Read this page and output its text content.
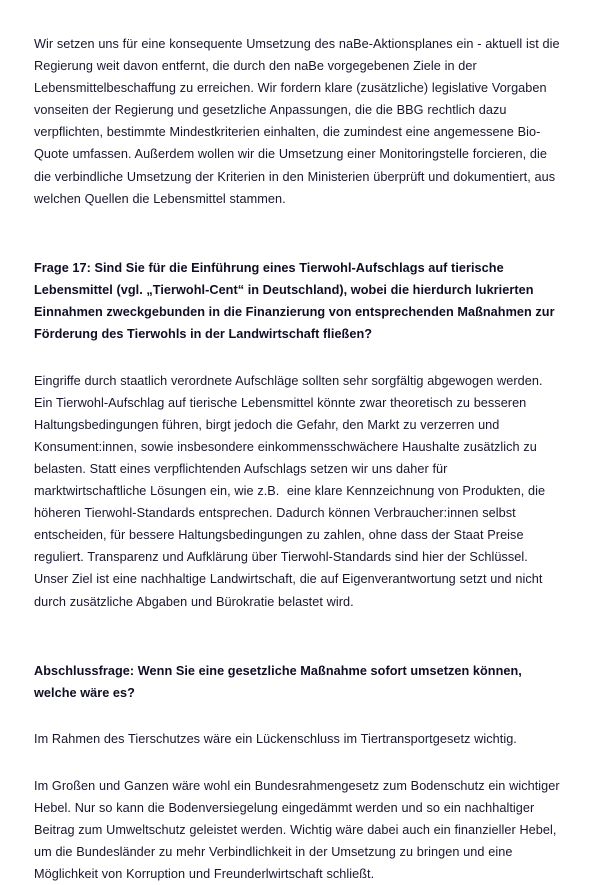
Wir setzen uns für eine konsequente Umsetzung des naBe-Aktionsplanes ein - aktuell ist die Regierung weit davon entfernt, die durch den naBe vorgegebenen Ziele in der Lebensmittelbeschaffung zu erreichen. Wir fordern klare (zusätzliche) legislative Vorgaben vonseiten der Regierung und gesetzliche Anpassungen, die die BBG rechtlich dazu verpflichten, bestimmte Mindestkriterien einhalten, die zumindest eine angemessene Bio-Quote umfassen. Außerdem wollen wir die Umsetzung einer Monitoringstelle forcieren, die die verbindliche Umsetzung der Kriterien in den Ministerien überprüft und dokumentiert, aus welchen Quellen die Lebensmittel stammen.

Frage 17: Sind Sie für die Einführung eines Tierwohl-Aufschlags auf tierische Lebensmittel (vgl. „Tierwohl-Cent“ in Deutschland), wobei die hierdurch lukrierten Einnahmen zweckgebunden in die Finanzierung von entsprechenden Maßnahmen zur Förderung des Tierwohls in der Landwirtschaft fließen?

Eingriffe durch staatlich verordnete Aufschläge sollten sehr sorgfältig abgewogen werden. Ein Tierwohl-Aufschlag auf tierische Lebensmittel könnte zwar theoretisch zu besseren Haltungsbedingungen führen, birgt jedoch die Gefahr, den Markt zu verzerren und Konsument:innen, sowie insbesondere einkommensschwächere Haushalte zusätzlich zu belasten. Statt eines verpflichtenden Aufschlags setzen wir uns daher für marktwirtschaftliche Lösungen ein, wie z.B.  eine klare Kennzeichnung von Produkten, die höheren Tierwohl-Standards entsprechen. Dadurch können Verbraucher:innen selbst entscheiden, für bessere Haltungsbedingungen zu zahlen, ohne dass der Staat Preise reguliert. Transparenz und Aufklärung über Tierwohl-Standards sind hier der Schlüssel. Unser Ziel ist eine nachhaltige Landwirtschaft, die auf Eigenverantwortung setzt und nicht durch zusätzliche Abgaben und Bürokratie belastet wird.

Abschlussfrage: Wenn Sie eine gesetzliche Maßnahme sofort umsetzen können, welche wäre es?

Im Rahmen des Tierschutzes wäre ein Lückenschluss im Tiertransportgesetz wichtig.

Im Großen und Ganzen wäre wohl ein Bundesrahmengesetz zum Bodenschutz ein wichtiger Hebel. Nur so kann die Bodenversiegelung eingedämmt werden und so ein nachhaltiger Beitrag zum Umweltschutz geleistet werden. Wichtig wäre dabei auch ein finanzieller Hebel, um die Bundesländer zu mehr Verbindlichkeit in der Umsetzung zu bringen und eine Möglichkeit von Korruption und Freunderlwirtschaft schließt.
